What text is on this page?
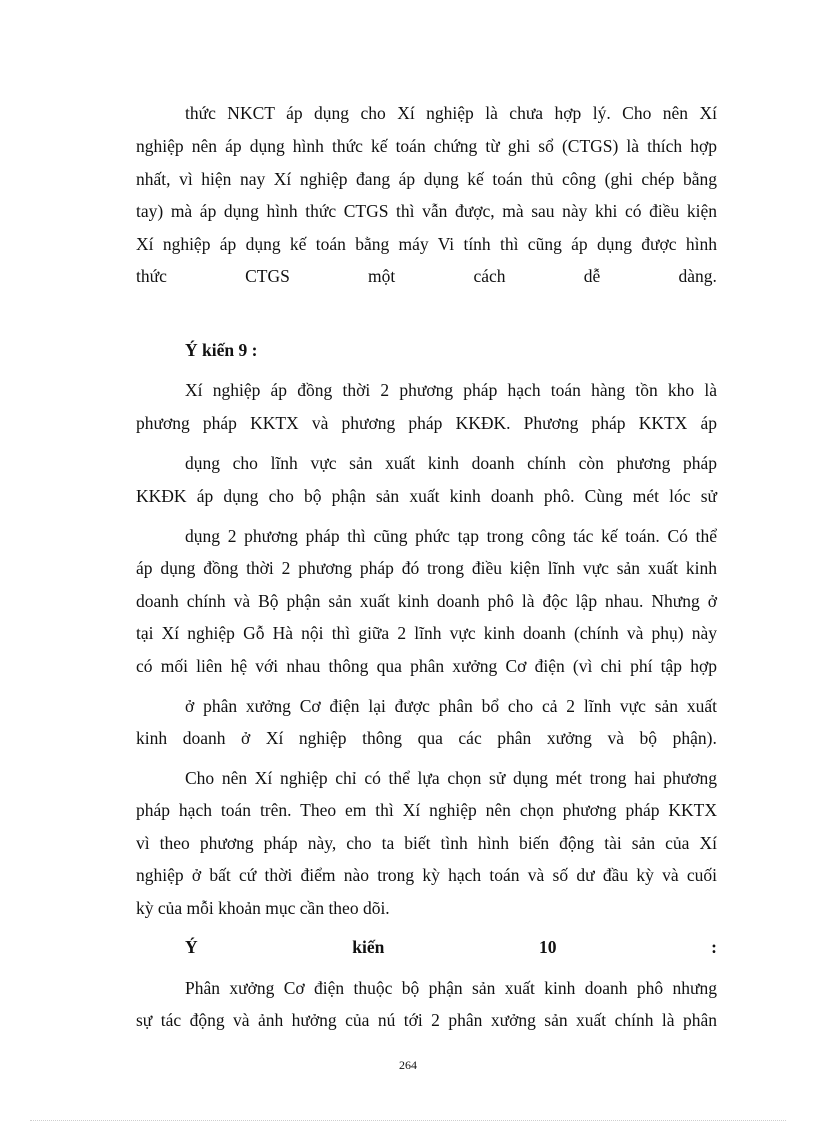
thức NKCT áp dụng cho Xí nghiệp là chưa hợp lý. Cho nên Xí
nghiệp nên áp dụng hình thức kế toán chứng từ ghi sổ (CTGS) là thích hợp
nhất, vì hiện nay Xí nghiệp đang áp dụng kế toán thủ công (ghi chép bằng
tay) mà áp dụng hình thức CTGS thì vẫn được, mà sau này khi có điều kiện
Xí nghiệp áp dụng kế toán bằng máy Vi tính thì cũng áp dụng được hình
thức	CTGS	một	cách	dễ	dàng.
Ý kiến 9 :
Xí nghiệp áp đồng thời 2 phương pháp hạch toán hàng tồn kho là
phương pháp KKTX và phương pháp KKĐK. Phương pháp KKTX áp
dụng cho lĩnh vực sản xuất kinh doanh chính còn phương pháp
KKĐK áp dụng cho bộ phận sản xuất kinh doanh phô. Cùng mét lóc sử
dụng 2 phương pháp thì cũng phức tạp trong công tác kế toán. Có thể
áp dụng đồng thời 2 phương pháp đó trong điều kiện lĩnh vực sản xuất kinh
doanh chính và Bộ phận sản xuất kinh doanh phô là độc lập nhau. Nhưng ở
tại Xí nghiệp Gỗ Hà nội thì giữa 2 lĩnh vực kinh doanh (chính và phụ) này
có mối liên hệ với nhau thông qua phân xưởng Cơ điện (vì chi phí tập hợp
ở phân xưởng Cơ điện lại được phân bổ cho cả 2 lĩnh vực sản xuất
kinh doanh ở Xí nghiệp thông qua các phân xưởng và bộ phận).
Cho nên Xí nghiệp chỉ có thể lựa chọn sử dụng mét trong hai phương
pháp hạch toán trên. Theo em thì Xí nghiệp nên chọn phương pháp KKTX
vì theo phương pháp này, cho ta biết tình hình biến động tài sản của Xí
nghiệp ở bất cứ thời điểm nào trong kỳ hạch toán và số dư đầu kỳ và cuối
kỳ của mỗi khoản mục cần theo dõi.
Ý	kiến	10	:
Phân xưởng Cơ điện thuộc bộ phận sản xuất kinh doanh phô nhưng
sự tác động và ảnh hưởng của nú tới 2 phân xưởng sản xuất chính là phân
264
